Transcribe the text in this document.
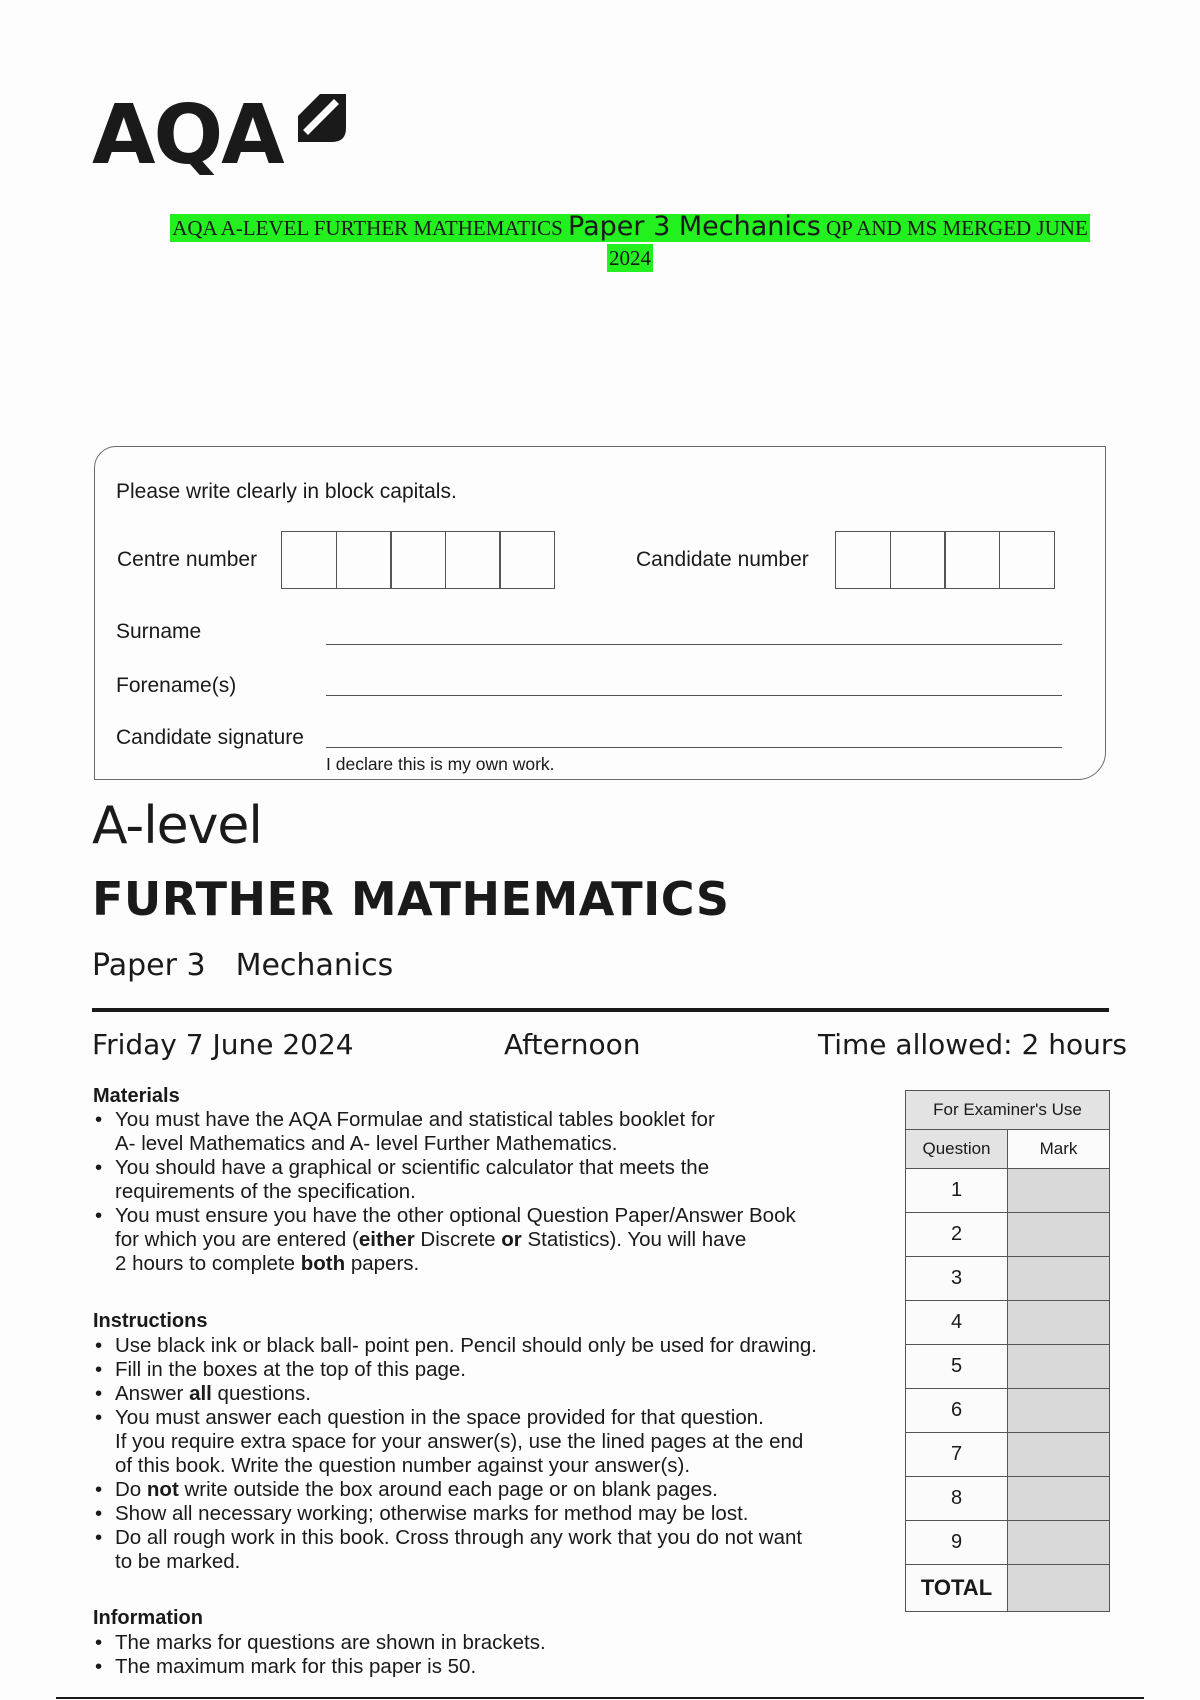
AQA
AQA A-LEVEL FURTHER MATHEMATICS Paper 3 Mechanics QP AND MS MERGED JUNE
2024
Please write clearly in block capitals.
Centre number	Candidate number
Surname
Forename(s)
Candidate signature
I declare this is my own work.
A-level
FURTHER MATHEMATICS
Paper 3 Mechanics
Friday 7 June 2024	Afternoon	Time allowed: 2 hours
Materials
• You must have the AQA Formulae and statistical tables booklet for
A- level Mathematics and A- level Further Mathematics.
• You should have a graphical or scientific calculator that meets the
requirements of the specification.
• You must ensure you have the other optional Question Paper/Answer Book
for which you are entered (either Discrete or Statistics). You will have
2 hours to complete both papers.
Instructions
• Use black ink or black ball- point pen. Pencil should only be used for drawing.
• Fill in the boxes at the top of this page.
• Answer all questions.
• You must answer each question in the space provided for that question.
If you require extra space for your answer(s), use the lined pages at the end
of this book. Write the question number against your answer(s).
• Do not write outside the box around each page or on blank pages.
• Show all necessary working; otherwise marks for method may be lost.
• Do all rough work in this book. Cross through any work that you do not want
to be marked.
Information
• The marks for questions are shown in brackets.
• The maximum mark for this paper is 50.
For Examiner's Use	
Question	Mark
1	
2	
3	
4	
5	
6	
7	
8	
9	
TOTAL	
